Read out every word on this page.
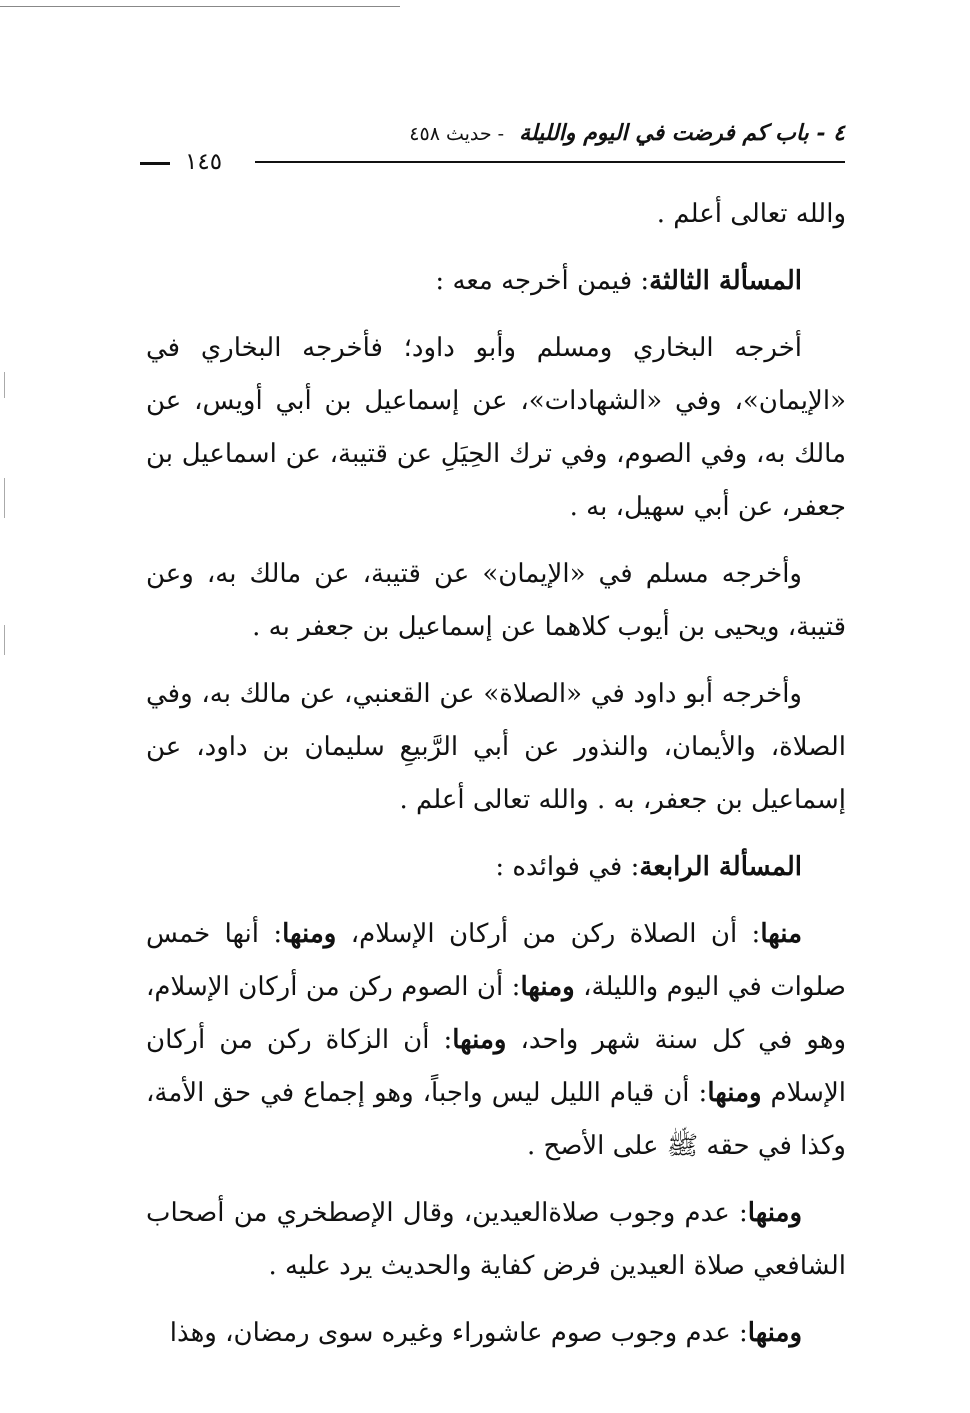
٤ - باب كم فرضت في اليوم والليلة - حديث ٤٥٨
١٤٥

والله تعالى أعلم .

المسألة الثالثة: فيمن أخرجه معه :

أخرجه البخاري ومسلم وأبو داود؛ فأخرجه البخاري في «الإيمان»، وفي «الشهادات»، عن إسماعيل بن أبي أويس، عن مالك به، وفي الصوم، وفي ترك الحِيَلِ عن قتيبة، عن اسماعيل بن جعفر، عن أبي سهيل، به .

وأخرجه مسلم في «الإيمان» عن قتيبة، عن مالك به، وعن قتيبة، ويحيى بن أيوب كلاهما عن إسماعيل بن جعفر به .

وأخرجه أبو داود في «الصلاة» عن القعنبي، عن مالك به، وفي الصلاة، والأيمان، والنذور عن أبي الرَّبيعِ سليمان بن داود، عن إسماعيل بن جعفر، به . والله تعالى أعلم .

المسألة الرابعة: في فوائده :

منها: أن الصلاة ركن من أركان الإسلام، ومنها: أنها خمس صلوات في اليوم والليلة، ومنها: أن الصوم ركن من أركان الإسلام، وهو في كل سنة شهر واحد، ومنها: أن الزكاة ركن من أركان الإسلام ومنها: أن قيام الليل ليس واجباً، وهو إجماع في حق الأمة، وكذا في حقه ﷺ على الأصح .

ومنها: عدم وجوب صلاةالعيدين، وقال الإصطخري من أصحاب الشافعي صلاة العيدين فرض كفاية والحديث يرد عليه .

ومنها: عدم وجوب صوم عاشوراء وغيره سوى رمضان، وهذا
